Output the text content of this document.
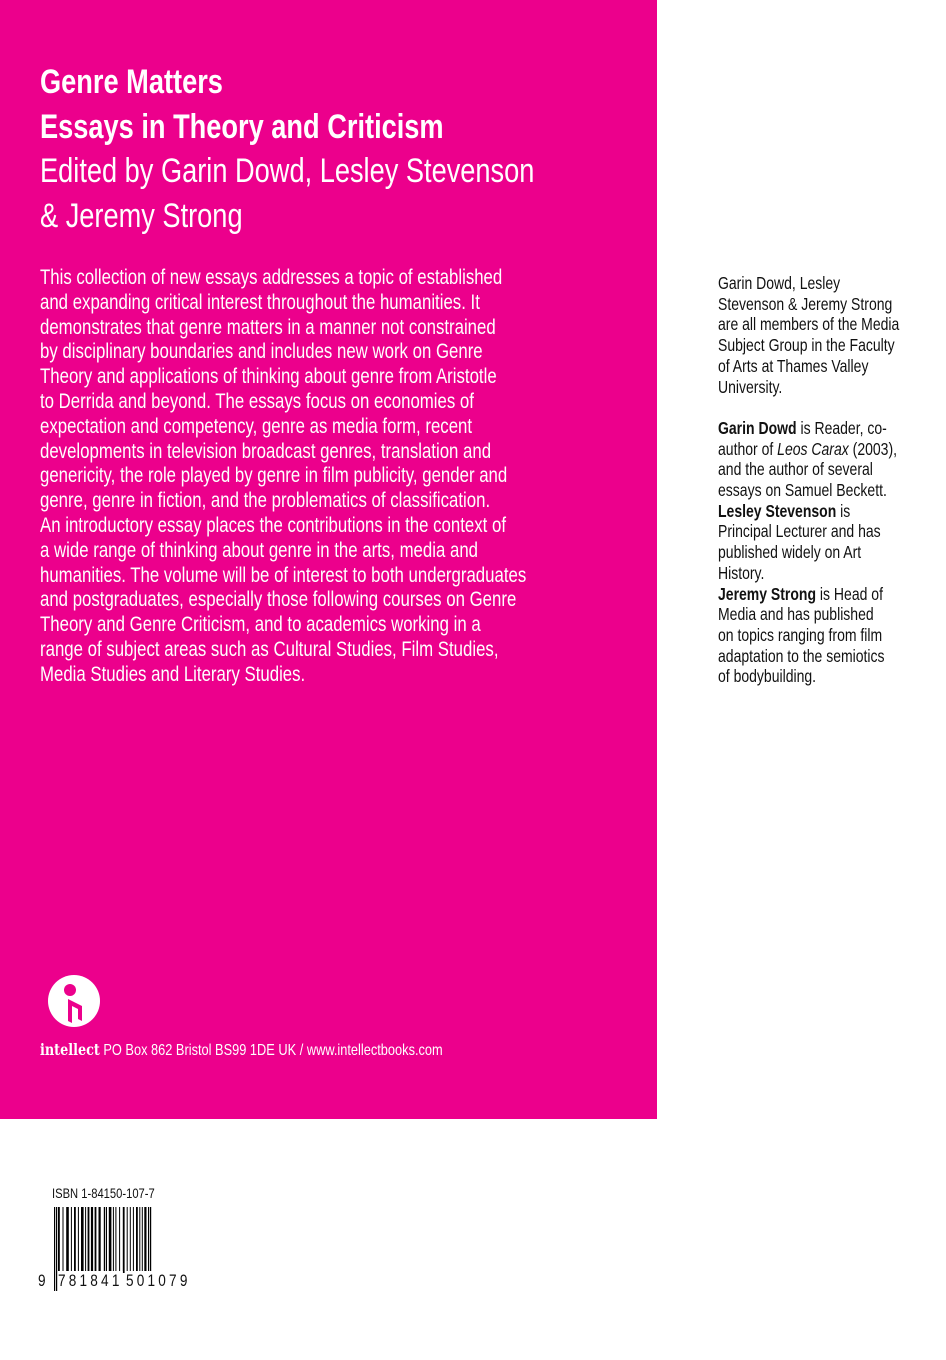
Genre Matters
Essays in Theory and Criticism
Edited by Garin Dowd, Lesley Stevenson
& Jeremy Strong
This collection of new essays addresses a topic of established
and expanding critical interest throughout the humanities. It
demonstrates that genre matters in a manner not constrained
by disciplinary boundaries and includes new work on Genre
Theory and applications of thinking about genre from Aristotle
to Derrida and beyond. The essays focus on economies of
expectation and competency, genre as media form, recent
developments in television broadcast genres, translation and
genericity, the role played by genre in film publicity, gender and
genre, genre in fiction, and the problematics of classification.
An introductory essay places the contributions in the context of
a wide range of thinking about genre in the arts, media and
humanities. The volume will be of interest to both undergraduates
and postgraduates, especially those following courses on Genre
Theory and Genre Criticism, and to academics working in a
range of subject areas such as Cultural Studies, Film Studies,
Media Studies and Literary Studies.
Garin Dowd, Lesley
Stevenson & Jeremy Strong
are all members of the Media
Subject Group in the Faculty
of Arts at Thames Valley
University.
Garin Dowd is Reader, co-
author of Leos Carax (2003),
and the author of several
essays on Samuel Beckett.
Lesley Stevenson is
Principal Lecturer and has
published widely on Art
History.
Jeremy Strong is Head of
Media and has published
on topics ranging from film
adaptation to the semiotics
of bodybuilding.
intellect PO Box 862 Bristol BS99 1DE UK / www.intellectbooks.com
ISBN 1-84150-107-7
9 781841 501079
